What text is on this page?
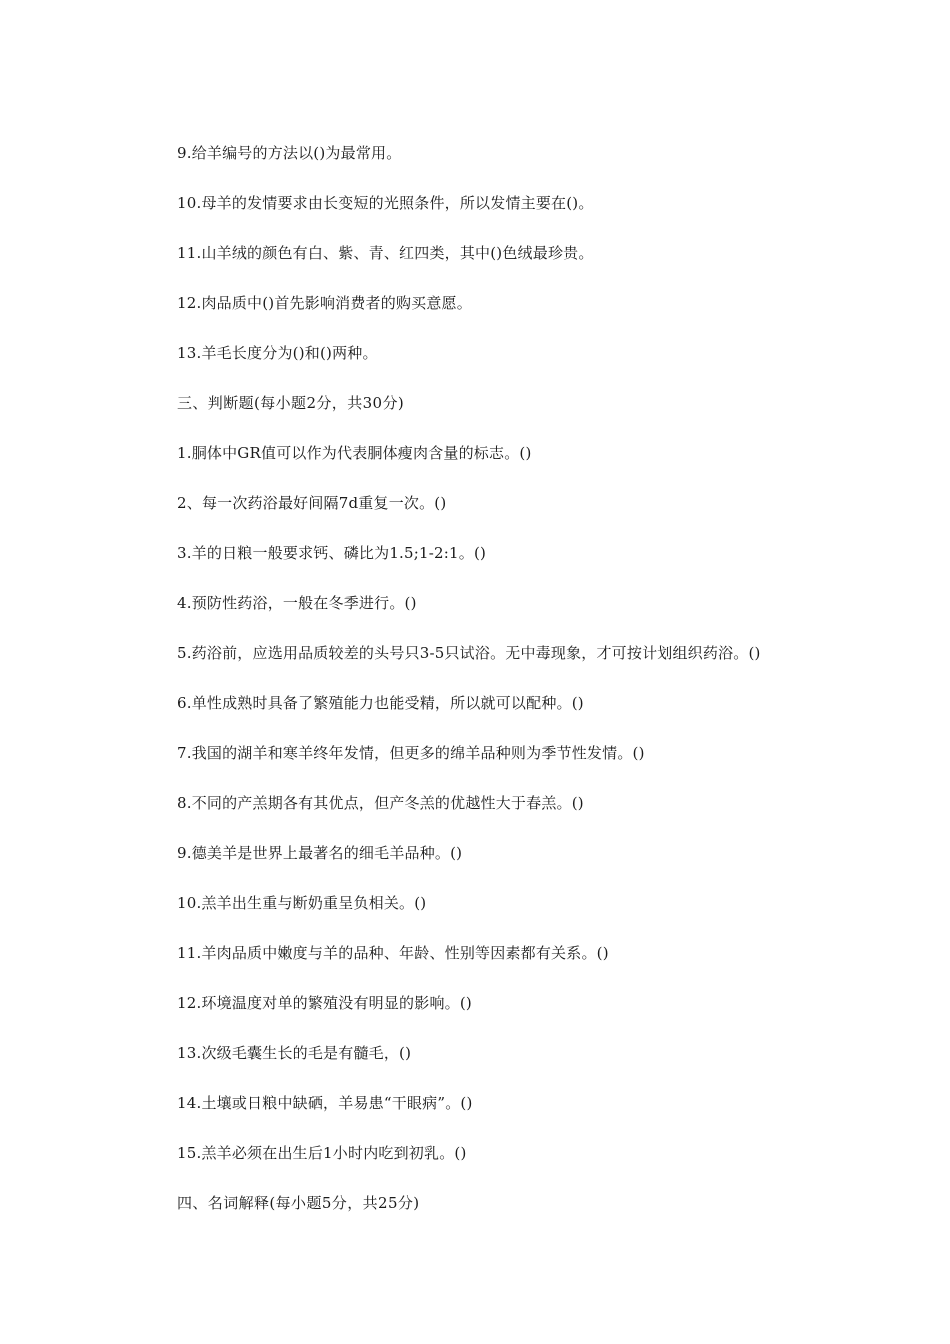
9.给羊编号的方法以()为最常用。
10.母羊的发情要求由长变短的光照条件，所以发情主要在()。
11.山羊绒的颜色有白、紫、青、红四类，其中()色绒最珍贵。
12.肉品质中()首先影响消费者的购买意愿。
13.羊毛长度分为()和()两种。
三、判断题(每小题2分，共30分)
1.胴体中GR值可以作为代表胴体瘦肉含量的标志。()
2、每一次药浴最好间隔7d重复一次。()
3.羊的日粮一般要求钙、磷比为1.5;1-2:1。()
4.预防性药浴，一般在冬季进行。()
5.药浴前，应选用品质较差的头号只3-5只试浴。无中毒现象，才可按计划组织药浴。()
6.单性成熟时具备了繁殖能力也能受精，所以就可以配种。()
7.我国的湖羊和寒羊终年发情，但更多的绵羊品种则为季节性发情。()
8.不同的产羔期各有其优点，但产冬羔的优越性大于春羔。()
9.德美羊是世界上最著名的细毛羊品种。()
10.羔羊出生重与断奶重呈负相关。()
11.羊肉品质中嫩度与羊的品种、年龄、性别等因素都有关系。()
12.环境温度对单的繁殖没有明显的影响。()
13.次级毛囊生长的毛是有髓毛，()
14.土壤或日粮中缺硒，羊易患“干眼病”。()
15.羔羊必须在出生后1小时内吃到初乳。()
四、名词解释(每小题5分，共25分)
